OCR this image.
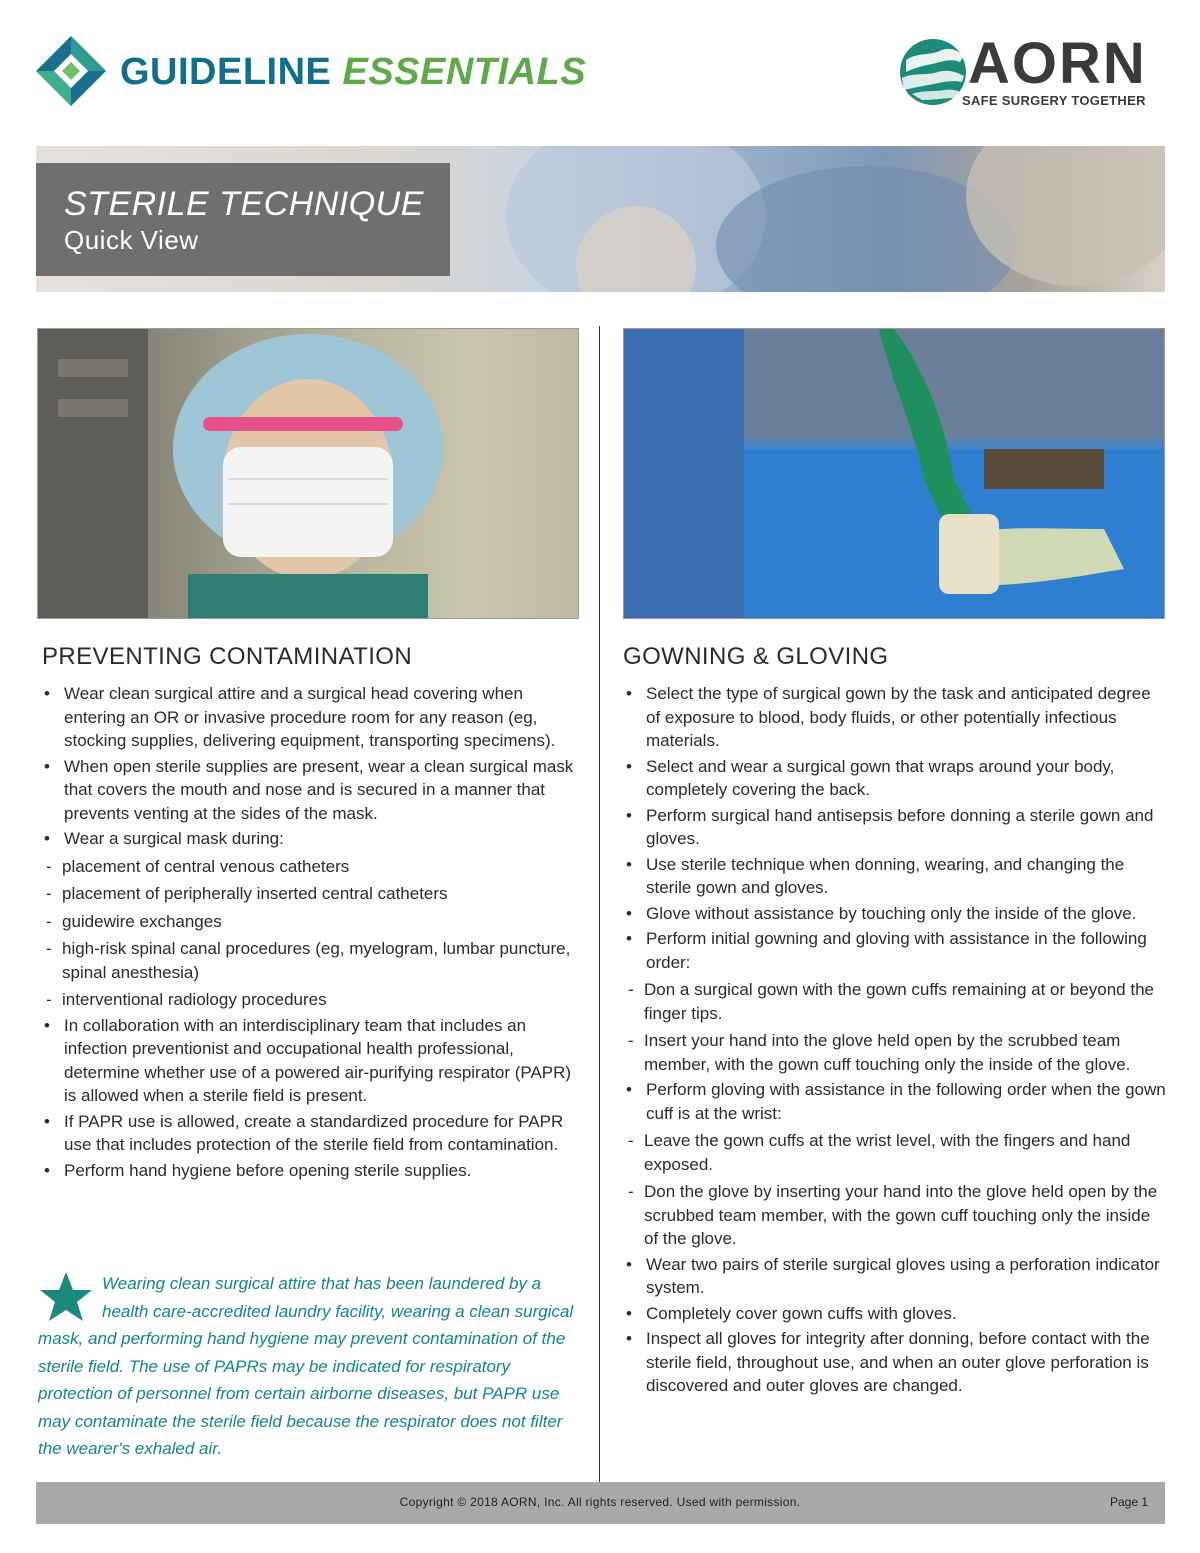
GUIDELINE ESSENTIALS	AORN
SAFE SURGERY TOGETHER
STERILE TECHNIQUE
Quick View
PREVENTING CONTAMINATION
• Wear clean surgical attire and a surgical head covering when entering an OR or invasive procedure room for any reason (eg, stocking supplies, delivering equipment, transporting specimens).
• When open sterile supplies are present, wear a clean surgical mask that covers the mouth and nose and is secured in a manner that prevents venting at the sides of the mask.
• Wear a surgical mask during:
- placement of central venous catheters
- placement of peripherally inserted central catheters
- guidewire exchanges
- high-risk spinal canal procedures (eg, myelogram, lumbar puncture, spinal anesthesia)
- interventional radiology procedures
• In collaboration with an interdisciplinary team that includes an infection preventionist and occupational health professional, determine whether use of a powered air-purifying respirator (PAPR) is allowed when a sterile field is present.
• If PAPR use is allowed, create a standardized procedure for PAPR use that includes protection of the sterile field from contamination.
• Perform hand hygiene before opening sterile supplies.
Wearing clean surgical attire that has been laundered by a health care-accredited laundry facility, wearing a clean surgical mask, and performing hand hygiene may prevent contamination of the sterile field. The use of PAPRs may be indicated for respiratory protection of personnel from certain airborne diseases, but PAPR use may contaminate the sterile field because the respirator does not filter the wearer's exhaled air.
GOWNING & GLOVING
• Select the type of surgical gown by the task and anticipated degree of exposure to blood, body fluids, or other potentially infectious materials.
• Select and wear a surgical gown that wraps around your body, completely covering the back.
• Perform surgical hand antisepsis before donning a sterile gown and gloves.
• Use sterile technique when donning, wearing, and changing the sterile gown and gloves.
• Glove without assistance by touching only the inside of the glove.
• Perform initial gowning and gloving with assistance in the following order:
- Don a surgical gown with the gown cuffs remaining at or beyond the finger tips.
- Insert your hand into the glove held open by the scrubbed team member, with the gown cuff touching only the inside of the glove.
• Perform gloving with assistance in the following order when the gown cuff is at the wrist:
- Leave the gown cuffs at the wrist level, with the fingers and hand exposed.
- Don the glove by inserting your hand into the glove held open by the scrubbed team member, with the gown cuff touching only the inside of the glove.
• Wear two pairs of sterile surgical gloves using a perforation indicator system.
• Completely cover gown cuffs with gloves.
• Inspect all gloves for integrity after donning, before contact with the sterile field, throughout use, and when an outer glove perforation is discovered and outer gloves are changed.
Copyright © 2018 AORN, Inc. All rights reserved. Used with permission.	Page 1
